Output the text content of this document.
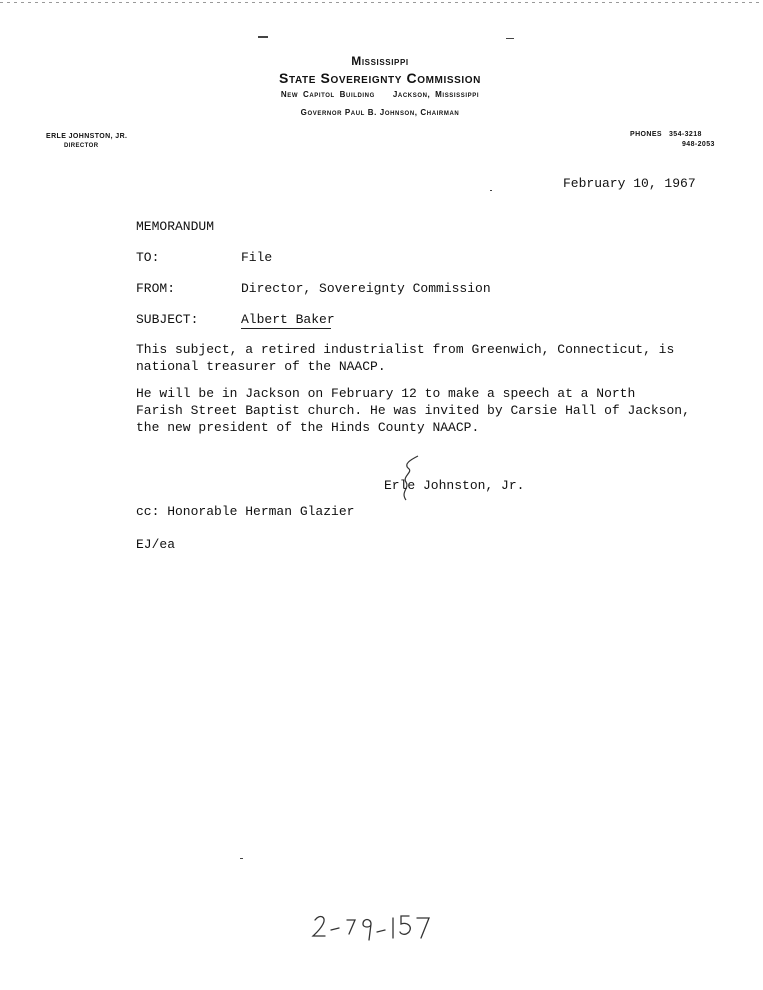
Mississippi
State Sovereignty Commission
New Capitol Building Jackson, Mississippi
Governor Paul B. Johnson, Chairman
ERLE JOHNSTON, JR.
DIRECTOR
PHONES 354-3218
948-2053
February 10, 1967
MEMORANDUM
TO:	File
FROM:	Director, Sovereignty Commission
SUBJECT:	Albert Baker
This subject, a retired industrialist from Greenwich, Connecticut, is
national treasurer of the NAACP.
He will be in Jackson on February 12 to make a speech at a North
Farish Street Baptist church. He was invited by Carsie Hall of Jackson,
the new president of the Hinds County NAACP.
Erle Johnston, Jr.
cc: Honorable Herman Glazier
EJ/ea
